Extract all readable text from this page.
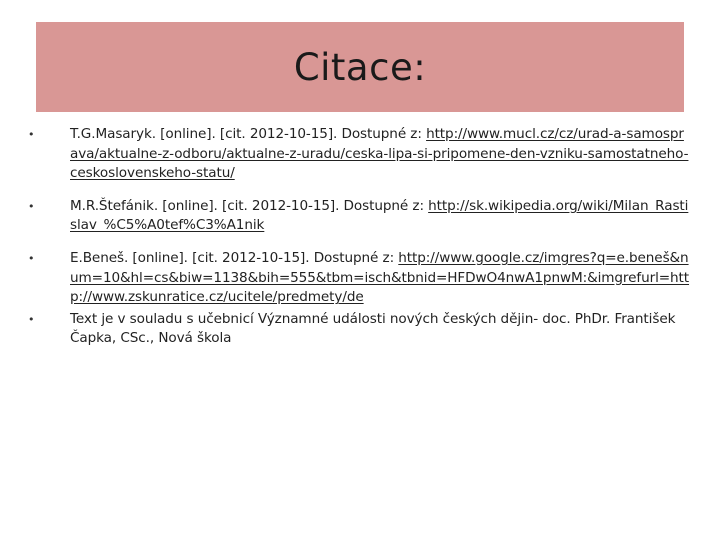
Citace:
•	T.G.Masaryk. [online]. [cit. 2012-10-15]. Dostupné z: http://www.mucl.cz/cz/urad-a-samosprava/aktualne-z-odboru/aktualne-z-uradu/ceska-lipa-si-pripomene-den-vzniku-samostatneho-ceskoslovenskeho-statu/
•	M.R.Štefánik. [online]. [cit. 2012-10-15]. Dostupné z: http://sk.wikipedia.org/wiki/Milan_Rastislav_%C5%A0tef%C3%A1nik
•	E.Beneš. [online]. [cit. 2012-10-15]. Dostupné z: http://www.google.cz/imgres?q=e.beneš&num=10&hl=cs&biw=1138&bih=555&tbm=isch&tbnid=HFDwO4nwA1pnwM:&imgrefurl=http://www.zskunratice.cz/ucitele/predmety/de
•	Text je v souladu s učebnicí Významné události nových českých dějin- doc. PhDr. František Čapka, CSc., Nová škola
